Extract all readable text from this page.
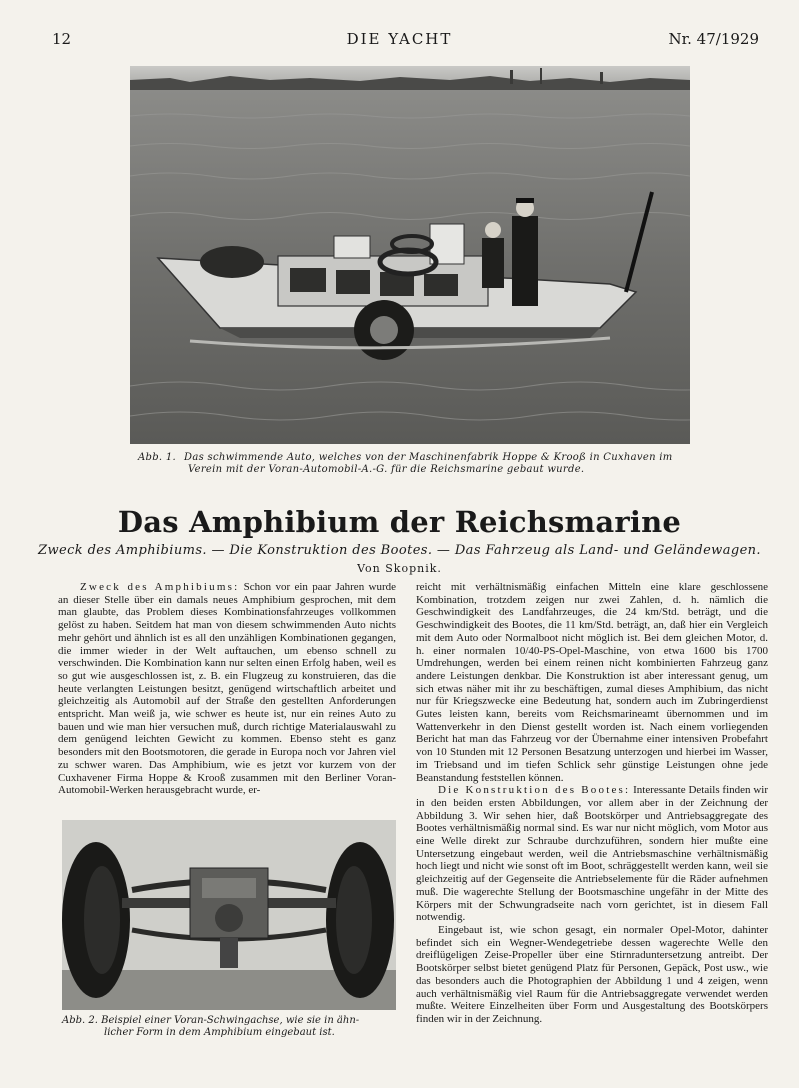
12	DIE YACHT	Nr. 47/1929
Abb. 1. Das schwimmende Auto, welches von der Maschinenfabrik Hoppe & Krooß in Cuxhaven im
Verein mit der Voran-Automobil-A.-G. für die Reichsmarine gebaut wurde.
Das Amphibium der Reichsmarine
Zweck des Amphibiums. — Die Konstruktion des Bootes. — Das Fahrzeug als Land- und Geländewagen.
Von Skopnik.

Zweck des Amphibiums: Schon vor ein paar Jahren wurde an dieser Stelle über ein damals neues Amphibium gesprochen, mit dem man glaubte, das Problem dieses Kombinationsfahrzeuges vollkommen gelöst zu haben. Seitdem hat man von diesem schwimmenden Auto nichts mehr gehört und ähnlich ist es all den unzähligen Kombinationen gegangen, die immer wieder in der Welt auftauchen, um ebenso schnell zu verschwinden. Die Kombination kann nur selten einen Erfolg haben, weil es so gut wie ausgeschlossen ist, z. B. ein Flugzeug zu konstruieren, das die heute verlangten Leistungen besitzt, genügend wirtschaftlich arbeitet und gleichzeitig als Automobil auf der Straße den gestellten Anforderungen entspricht. Man weiß ja, wie schwer es heute ist, nur ein reines Auto zu bauen und wie man hier versuchen muß, durch richtige Materialauswahl zu dem genügend leichten Gewicht zu kommen. Ebenso steht es ganz besonders mit den Bootsmotoren, die gerade in Europa noch vor Jahren viel zu schwer waren. Das Amphibium, wie es jetzt vor kurzem von der Cuxhavener Firma Hoppe & Krooß zusammen mit den Berliner Voran-Automobil-Werken herausgebracht wurde, er-

Abb. 2. Beispiel einer Voran-Schwingachse, wie sie in ähn-
licher Form in dem Amphibium eingebaut ist.

reicht mit verhältnismäßig einfachen Mitteln eine klare geschlossene Kombination, trotzdem zeigen nur zwei Zahlen, d. h. nämlich die Geschwindigkeit des Landfahrzeuges, die 24 km/Std. beträgt, und die Geschwindigkeit des Bootes, die 11 km/Std. beträgt, an, daß hier ein Vergleich mit dem Auto oder Normalboot nicht möglich ist. Bei dem gleichen Motor, d. h. einer normalen 10/40-PS-Opel-Maschine, von etwa 1600 bis 1700 Umdrehungen, werden bei einem reinen nicht kombinierten Fahrzeug ganz andere Leistungen denkbar. Die Konstruktion ist aber interessant genug, um sich etwas näher mit ihr zu beschäftigen, zumal dieses Amphibium, das nicht nur für Kriegszwecke eine Bedeutung hat, sondern auch im Zubringerdienst Gutes leisten kann, bereits vom Reichsmarineamt übernommen und im Wattenverkehr in den Dienst gestellt worden ist. Nach einem vorliegenden Bericht hat man das Fahrzeug vor der Übernahme einer intensiven Probefahrt von 10 Stunden mit 12 Personen Besatzung unterzogen und hierbei im Wasser, im Triebsand und im tiefen Schlick sehr günstige Leistungen ohne jede Beanstandung feststellen können.

Die Konstruktion des Bootes: Interessante Details finden wir in den beiden ersten Abbildungen, vor allem aber in der Zeichnung der Abbildung 3. Wir sehen hier, daß Bootskörper und Antriebsaggregate des Bootes verhältnismäßig normal sind. Es war nur nicht möglich, vom Motor aus eine Welle direkt zur Schraube durchzuführen, sondern hier mußte eine Untersetzung eingebaut werden, weil die Antriebsmaschine verhältnismäßig hoch liegt und nicht wie sonst oft im Boot, schräggestellt werden kann, weil sie gleichzeitig auf der Gegenseite die Antriebselemente für die Räder aufnehmen muß. Die wagerechte Stellung der Bootsmaschine ungefähr in der Mitte des Körpers mit der Schwungradseite nach vorn gerichtet, ist in diesem Fall notwendig.

Eingebaut ist, wie schon gesagt, ein normaler Opel-Motor, dahinter befindet sich ein Wegner-Wendegetriebe dessen wagerechte Welle den dreiflügeligen Zeise-Propeller über eine Stirnraduntersetzung antreibt. Der Bootskörper selbst bietet genügend Platz für Personen, Gepäck, Post usw., wie das besonders auch die Photographien der Abbildung 1 und 4 zeigen, wenn auch verhältnismäßig viel Raum für die Antriebsaggregate verwendet werden mußte. Weitere Einzelheiten über Form und Ausgestaltung des Bootskörpers finden wir in der Zeichnung.
